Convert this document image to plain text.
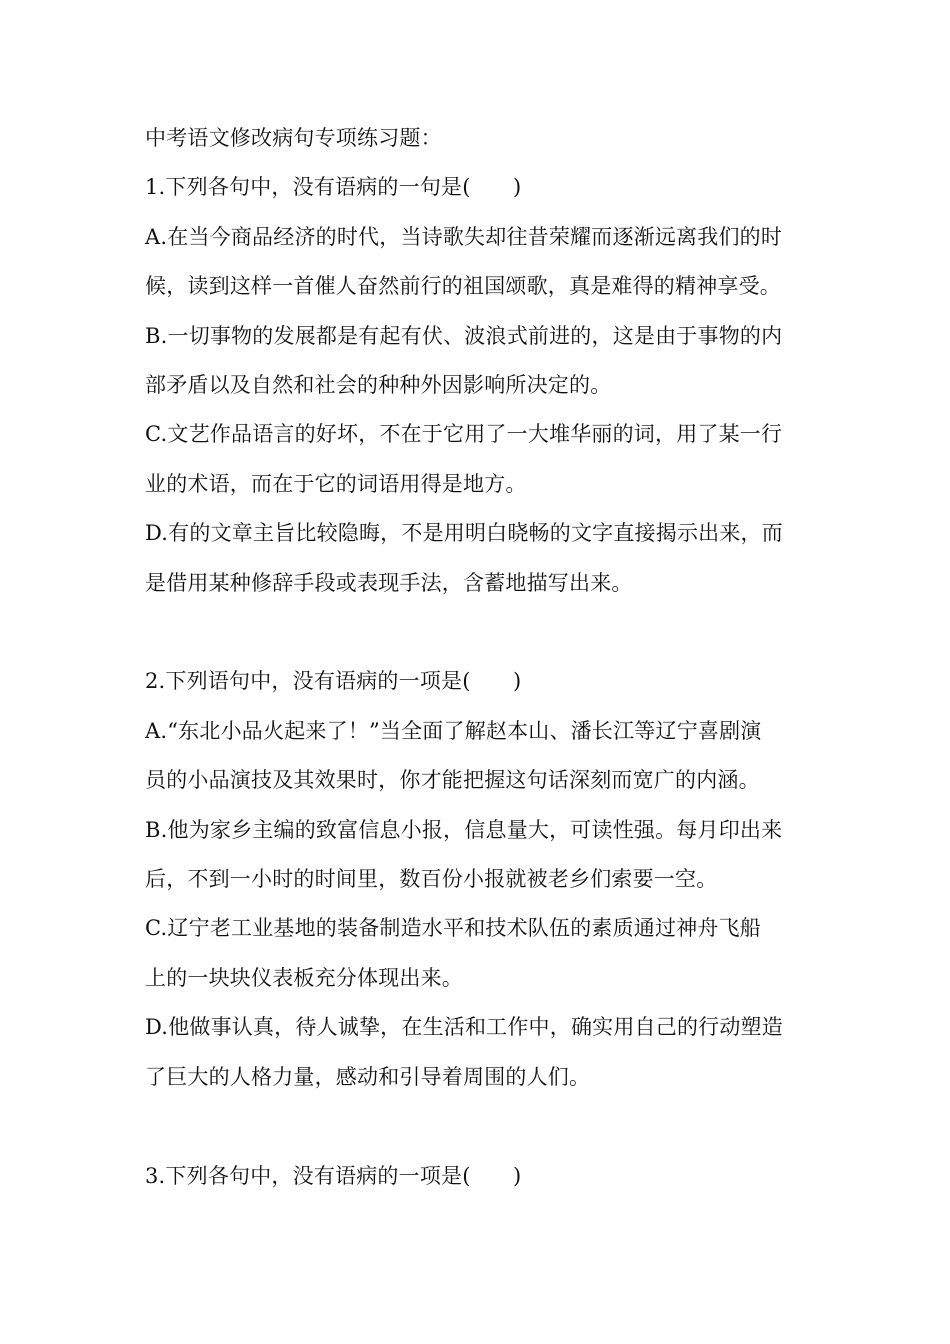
中考语文修改病句专项练习题：

1.下列各句中，没有语病的一句是(　　)

A.在当今商品经济的时代，当诗歌失却往昔荣耀而逐渐远离我们的时

候，读到这样一首催人奋然前行的祖国颂歌，真是难得的精神享受。

B.一切事物的发展都是有起有伏、波浪式前进的，这是由于事物的内

部矛盾以及自然和社会的种种外因影响所决定的。

C.文艺作品语言的好坏，不在于它用了一大堆华丽的词，用了某一行

业的术语，而在于它的词语用得是地方。

D.有的文章主旨比较隐晦，不是用明白晓畅的文字直接揭示出来，而

是借用某种修辞手段或表现手法，含蓄地描写出来。

2.下列语句中，没有语病的一项是(　　)

A.“东北小品火起来了！”当全面了解赵本山、潘长江等辽宁喜剧演

员的小品演技及其效果时，你才能把握这句话深刻而宽广的内涵。

B.他为家乡主编的致富信息小报，信息量大，可读性强。每月印出来

后，不到一小时的时间里，数百份小报就被老乡们索要一空。

C.辽宁老工业基地的装备制造水平和技术队伍的素质通过神舟飞船

上的一块块仪表板充分体现出来。

D.他做事认真，待人诚挚，在生活和工作中，确实用自己的行动塑造

了巨大的人格力量，感动和引导着周围的人们。

3.下列各句中，没有语病的一项是(　　)
